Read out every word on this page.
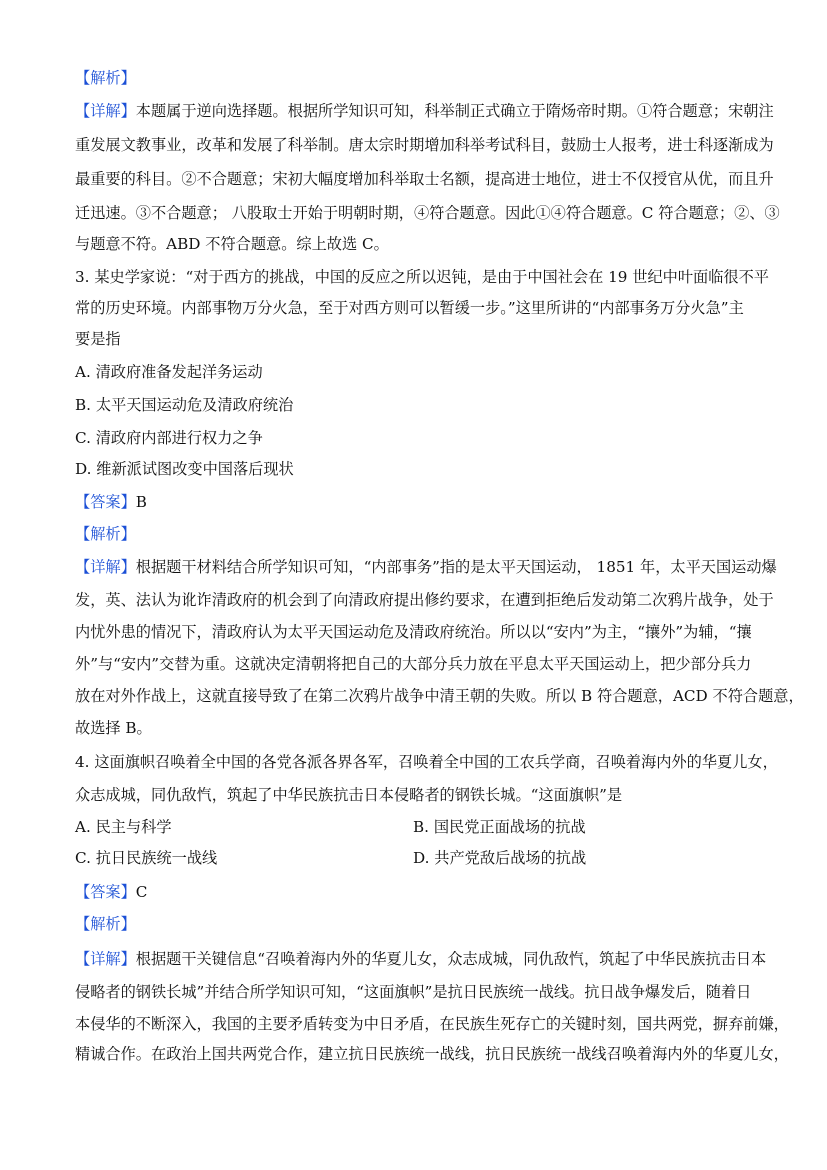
【解析】
【详解】本题属于逆向选择题。根据所学知识可知，科举制正式确立于隋炀帝时期。①符合题意；宋朝注
重发展文教事业，改革和发展了科举制。唐太宗时期增加科举考试科目，鼓励士人报考，进士科逐渐成为
最重要的科目。②不合题意；宋初大幅度增加科举取士名额，提高进士地位，进士不仅授官从优，而且升
迁迅速。③不合题意； 八股取士开始于明朝时期，④符合题意。因此①④符合题意。C 符合题意；②、③
与题意不符。ABD 不符合题意。综上故选 C。
3. 某史学家说：“对于西方的挑战，中国的反应之所以迟钝，是由于中国社会在 19 世纪中叶面临很不平
常的历史环境。内部事物万分火急，至于对西方则可以暂缓一步。”这里所讲的“内部事务万分火急”主
要是指
A. 清政府准备发起洋务运动
B. 太平天国运动危及清政府统治
C. 清政府内部进行权力之争
D. 维新派试图改变中国落后现状
【答案】B
【解析】
【详解】根据题干材料结合所学知识可知，“内部事务”指的是太平天国运动， 1851 年，太平天国运动爆
发，英、法认为讹诈清政府的机会到了向清政府提出修约要求，在遭到拒绝后发动第二次鸦片战争，处于
内忧外患的情况下，清政府认为太平天国运动危及清政府统治。所以以“安内”为主，“攘外”为辅，“攘
外”与“安内”交替为重。这就决定清朝将把自己的大部分兵力放在平息太平天国运动上，把少部分兵力
放在对外作战上，这就直接导致了在第二次鸦片战争中清王朝的失败。所以 B 符合题意，ACD 不符合题意，
故选择 B。
4. 这面旗帜召唤着全中国的各党各派各界各军，召唤着全中国的工农兵学商，召唤着海内外的华夏儿女，
众志成城，同仇敌忾，筑起了中华民族抗击日本侵略者的钢铁长城。“这面旗帜”是
A. 民主与科学	B. 国民党正面战场的抗战
C. 抗日民族统一战线	D. 共产党敌后战场的抗战
【答案】C
【解析】
【详解】根据题干关键信息“召唤着海内外的华夏儿女，众志成城，同仇敌忾，筑起了中华民族抗击日本
侵略者的钢铁长城”并结合所学知识可知，“这面旗帜”是抗日民族统一战线。抗日战争爆发后，随着日
本侵华的不断深入，我国的主要矛盾转变为中日矛盾，在民族生死存亡的关键时刻，国共两党，摒弃前嫌，
精诚合作。在政治上国共两党合作，建立抗日民族统一战线，抗日民族统一战线召唤着海内外的华夏儿女，
